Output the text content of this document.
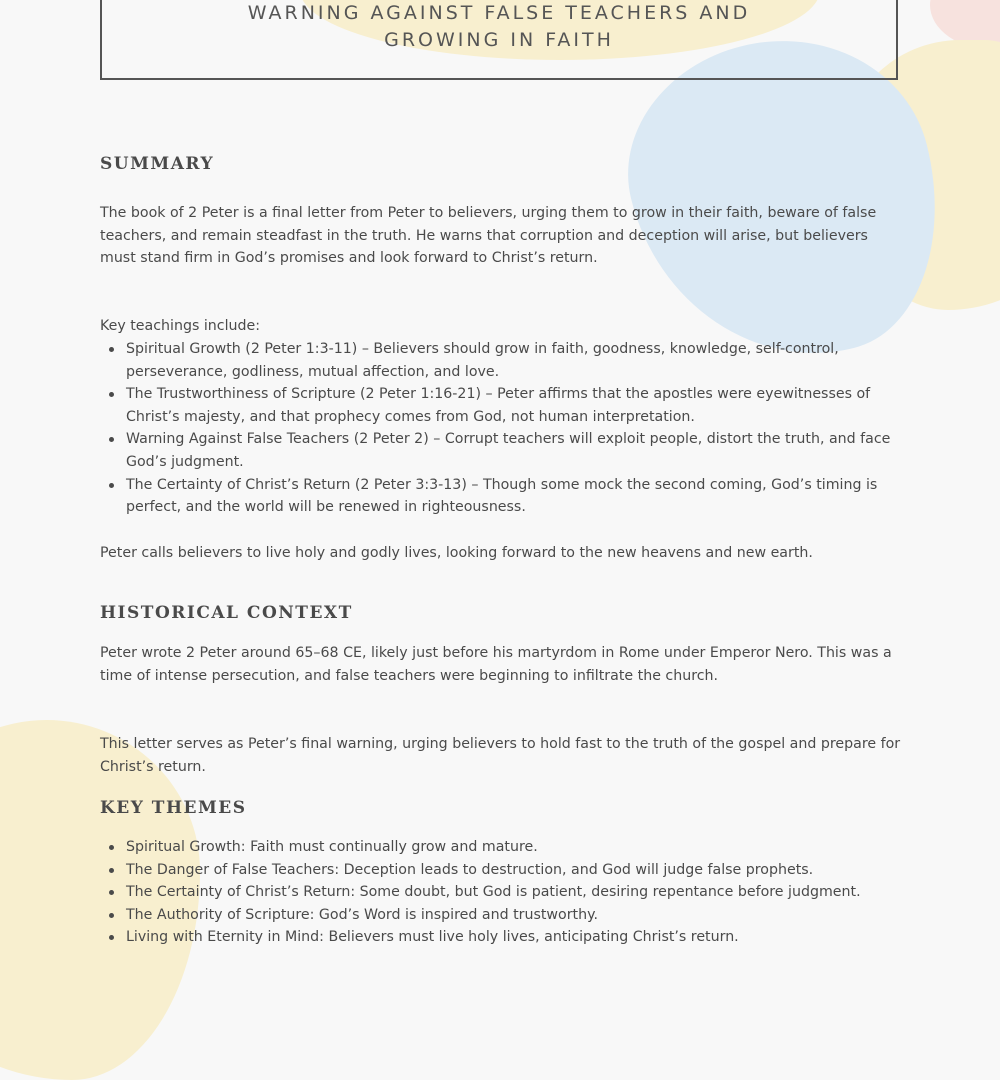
WARNING AGAINST FALSE TEACHERS AND GROWING IN FAITH
SUMMARY

The book of 2 Peter is a final letter from Peter to believers, urging them to grow in their faith, beware of false teachers, and remain steadfast in the truth. He warns that corruption and deception will arise, but believers must stand firm in God’s promises and look forward to Christ’s return.

Key teachings include:

Spiritual Growth (2 Peter 1:3-11) – Believers should grow in faith, goodness, knowledge, self-control, perseverance, godliness, mutual affection, and love.
The Trustworthiness of Scripture (2 Peter 1:16-21) – Peter affirms that the apostles were eyewitnesses of Christ’s majesty, and that prophecy comes from God, not human interpretation.
Warning Against False Teachers (2 Peter 2) – Corrupt teachers will exploit people, distort the truth, and face God’s judgment.
The Certainty of Christ’s Return (2 Peter 3:3-13) – Though some mock the second coming, God’s timing is perfect, and the world will be renewed in righteousness.

Peter calls believers to live holy and godly lives, looking forward to the new heavens and new earth.

HISTORICAL CONTEXT

Peter wrote 2 Peter around 65–68 CE, likely just before his martyrdom in Rome under Emperor Nero. This was a time of intense persecution, and false teachers were beginning to infiltrate the church.

This letter serves as Peter’s final warning, urging believers to hold fast to the truth of the gospel and prepare for Christ’s return.

KEY THEMES
Spiritual Growth: Faith must continually grow and mature.
The Danger of False Teachers: Deception leads to destruction, and God will judge false prophets.
The Certainty of Christ’s Return: Some doubt, but God is patient, desiring repentance before judgment.
The Authority of Scripture: God’s Word is inspired and trustworthy.
Living with Eternity in Mind: Believers must live holy lives, anticipating Christ’s return.
